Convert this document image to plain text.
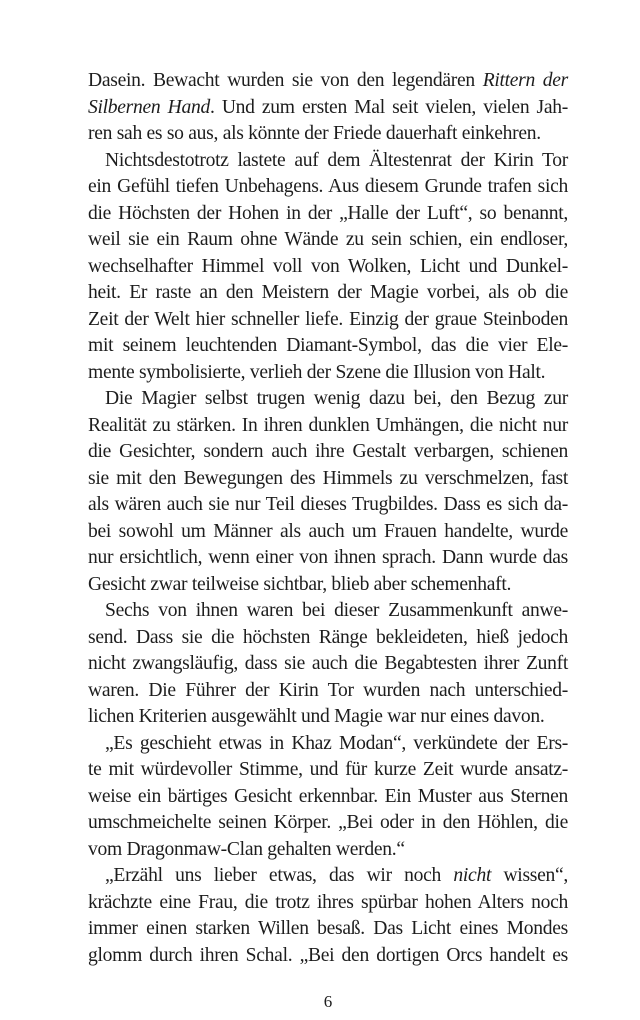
Dasein. Bewacht wurden sie von den legendären Rittern der
Silbernen Hand. Und zum ersten Mal seit vielen, vielen Jah-
ren sah es so aus, als könnte der Friede dauerhaft einkehren.
Nichtsdestotrotz lastete auf dem Ältestenrat der Kirin Tor
ein Gefühl tiefen Unbehagens. Aus diesem Grunde trafen sich
die Höchsten der Hohen in der „Halle der Luft“, so benannt,
weil sie ein Raum ohne Wände zu sein schien, ein endloser,
wechselhafter Himmel voll von Wolken, Licht und Dunkel-
heit. Er raste an den Meistern der Magie vorbei, als ob die
Zeit der Welt hier schneller liefe. Einzig der graue Steinboden
mit seinem leuchtenden Diamant-Symbol, das die vier Ele-
mente symbolisierte, verlieh der Szene die Illusion von Halt.
Die Magier selbst trugen wenig dazu bei, den Bezug zur
Realität zu stärken. In ihren dunklen Umhängen, die nicht nur
die Gesichter, sondern auch ihre Gestalt verbargen, schienen
sie mit den Bewegungen des Himmels zu verschmelzen, fast
als wären auch sie nur Teil dieses Trugbildes. Dass es sich da-
bei sowohl um Männer als auch um Frauen handelte, wurde
nur ersichtlich, wenn einer von ihnen sprach. Dann wurde das
Gesicht zwar teilweise sichtbar, blieb aber schemenhaft.
Sechs von ihnen waren bei dieser Zusammenkunft anwe-
send. Dass sie die höchsten Ränge bekleideten, hieß jedoch
nicht zwangsläufig, dass sie auch die Begabtesten ihrer Zunft
waren. Die Führer der Kirin Tor wurden nach unterschied-
lichen Kriterien ausgewählt und Magie war nur eines davon.
„Es geschieht etwas in Khaz Modan“, verkündete der Ers-
te mit würdevoller Stimme, und für kurze Zeit wurde ansatz-
weise ein bärtiges Gesicht erkennbar. Ein Muster aus Sternen
umschmeichelte seinen Körper. „Bei oder in den Höhlen, die
vom Dragonmaw-Clan gehalten werden.“
„Erzähl uns lieber etwas, das wir noch nicht wissen“,
krächzte eine Frau, die trotz ihres spürbar hohen Alters noch
immer einen starken Willen besaß. Das Licht eines Mondes
glomm durch ihren Schal. „Bei den dortigen Orcs handelt es
6
